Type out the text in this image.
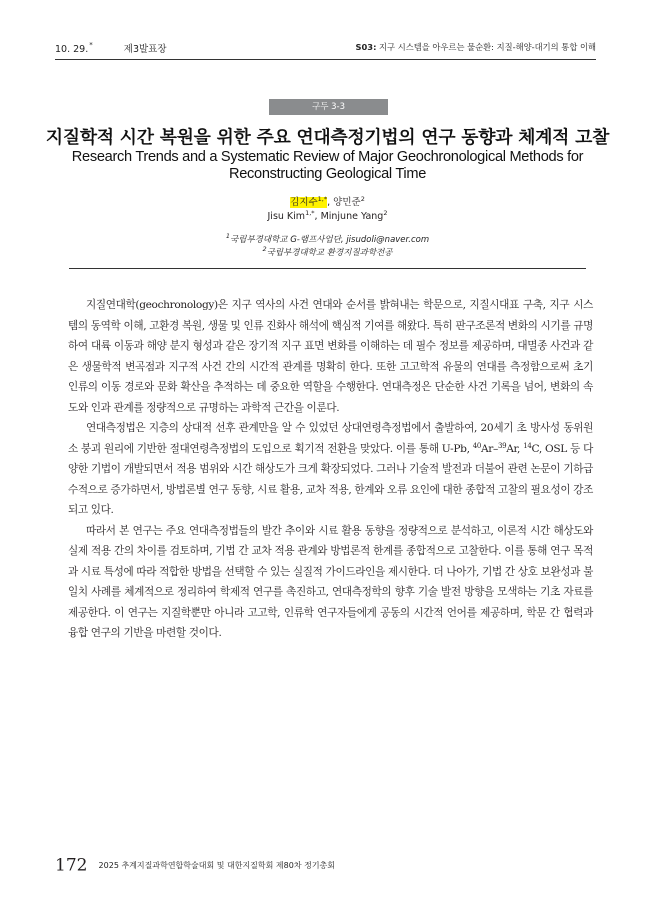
10. 29.*	제3발표장	S03: 지구 시스템을 아우르는 물순환: 지질-해양-대기의 통합 이해
구두 3-3
지질학적 시간 복원을 위한 주요 연대측정기법의 연구 동향과 체계적 고찰
Research Trends and a Systematic Review of Major Geochronological Methods for
Reconstructing Geological Time
김지수$^{1,*}$, 양민준$^2$
Jisu Kim$^{1,*}$, Minjune Yang$^2$
$^1$국립부경대학교 G-램프사업단, jisudoli@naver.com
$^2$국립부경대학교 환경지질과학전공

지질연대학(geochronology)은 지구 역사의 사건 연대와 순서를 밝혀내는 학문으로, 지질시대표 구축, 지구 시스템의 동역학 이해, 고환경 복원, 생물 및 인류 진화사 해석에 핵심적 기여를 해왔다. 특히 판구조론적 변화의 시기를 규명하여 대륙 이동과 해양 분지 형성과 같은 장기적 지구 표면 변화를 이해하는 데 필수 정보를 제공하며, 대멸종 사건과 같은 생물학적 변곡점과 지구적 사건 간의 시간적 관계를 명확히 한다. 또한 고고학적 유물의 연대를 측정함으로써 초기 인류의 이동 경로와 문화 확산을 추적하는 데 중요한 역할을 수행한다. 연대측정은 단순한 사건 기록을 넘어, 변화의 속도와 인과 관계를 정량적으로 규명하는 과학적 근간을 이룬다.

연대측정법은 지층의 상대적 선후 관계만을 알 수 있었던 상대연령측정법에서 출발하여, 20세기 초 방사성 동위원소 붕괴 원리에 기반한 절대연령측정법의 도입으로 획기적 전환을 맞았다. 이를 통해 U-Pb, $^{40}$Ar–$^{39}$Ar, $^{14}$C, OSL 등 다양한 기법이 개발되면서 적용 범위와 시간 해상도가 크게 확장되었다. 그러나 기술적 발전과 더불어 관련 논문이 기하급수적으로 증가하면서, 방법론별 연구 동향, 시료 활용, 교차 적용, 한계와 오류 요인에 대한 종합적 고찰의 필요성이 강조되고 있다.

따라서 본 연구는 주요 연대측정법들의 발간 추이와 시료 활용 동향을 정량적으로 분석하고, 이론적 시간 해상도와 실제 적용 간의 차이를 검토하며, 기법 간 교차 적용 관계와 방법론적 한계를 종합적으로 고찰한다. 이를 통해 연구 목적과 시료 특성에 따라 적합한 방법을 선택할 수 있는 실질적 가이드라인을 제시한다. 더 나아가, 기법 간 상호 보완성과 불일치 사례를 체계적으로 정리하여 학제적 연구를 촉진하고, 연대측정학의 향후 기술 발전 방향을 모색하는 기초 자료를 제공한다. 이 연구는 지질학뿐만 아니라 고고학, 인류학 연구자들에게 공동의 시간적 언어를 제공하며, 학문 간 협력과 융합 연구의 기반을 마련할 것이다.

172 2025 추계지질과학연합학술대회 및 대한지질학회 제80차 정기총회
